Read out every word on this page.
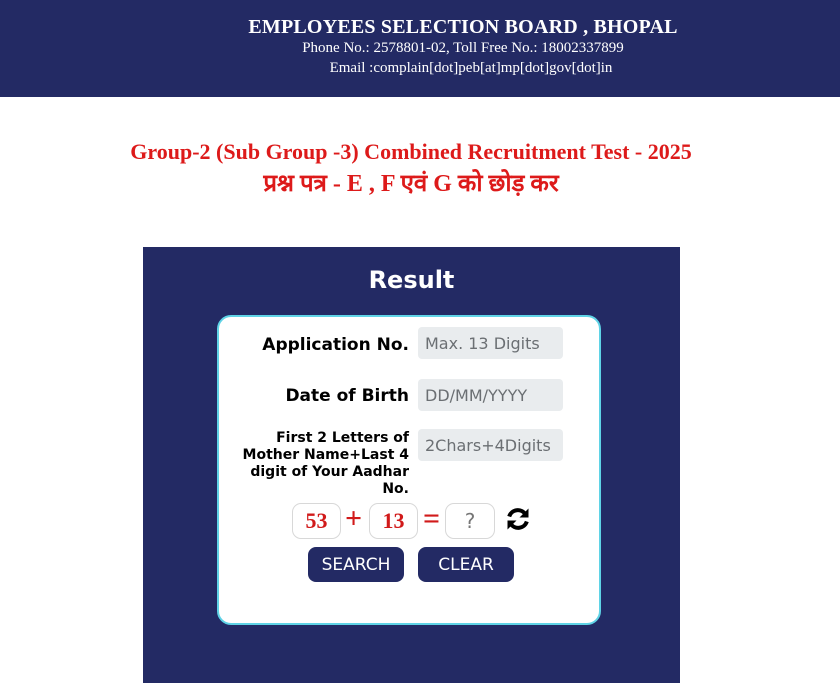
EMPLOYEES SELECTION BOARD , BHOPAL
Phone No.: 2578801-02, Toll Free No.: 18002337899
Email :complain[dot]peb[at]mp[dot]gov[dot]in
Group-2 (Sub Group -3) Combined Recruitment Test - 2025
प्रश्न पत्र - E , F एवं G को छोड़ कर
Result
Application No.
Max. 13 Digits
Date of Birth
DD/MM/YYYY
First 2 Letters of Mother Name+Last 4 digit of Your Aadhar No.
2Chars+4Digits
53 + 13 =
?
SEARCH	CLEAR
